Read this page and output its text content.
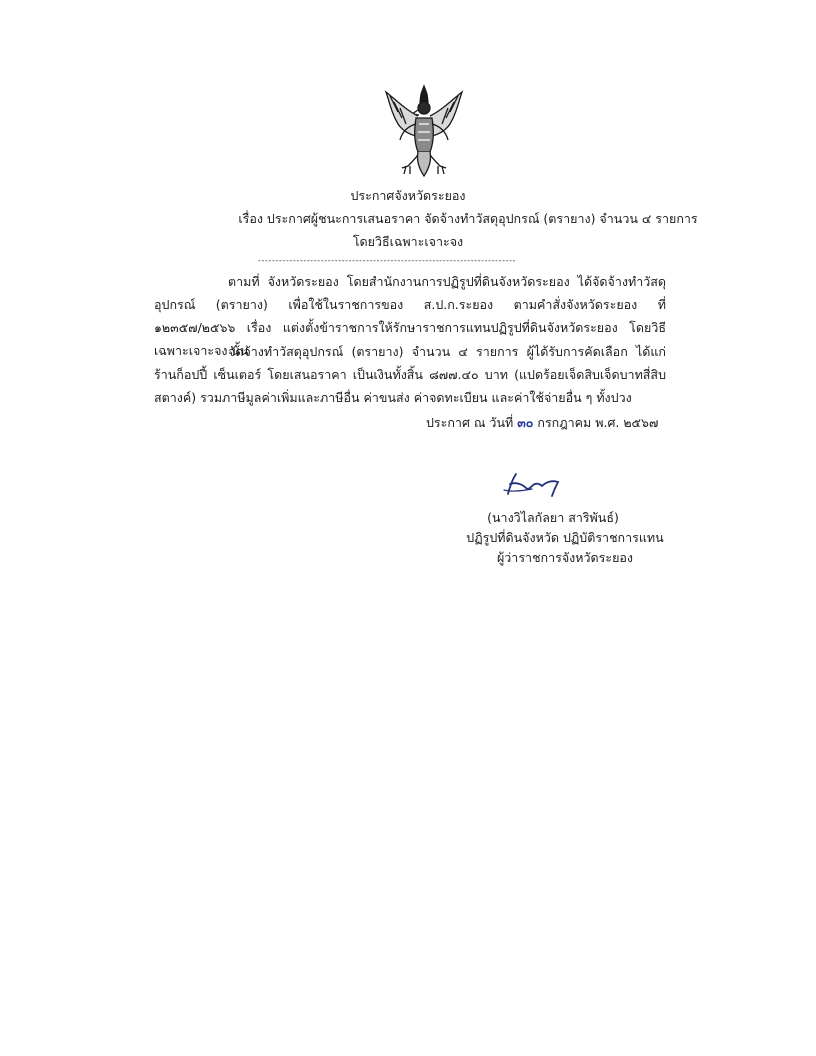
ประกาศจังหวัดระยอง
เรื่อง ประกาศผู้ชนะการเสนอราคา จัดจ้างทำวัสดุอุปกรณ์ (ตรายาง) จำนวน ๔ รายการ
โดยวิธีเฉพาะเจาะจง
--------------------------------------------------------------------------

ตามที่ จังหวัดระยอง โดยสำนักงานการปฏิรูปที่ดินจังหวัดระยอง ได้จัดจ้างทำวัสดุอุปกรณ์ (ตรายาง) เพื่อใช้ในราชการของ ส.ป.ก.ระยอง ตามคำสั่งจังหวัดระยอง ที่ ๑๒๓๕๗/๒๕๖๖ เรื่อง แต่งตั้งข้าราชการให้รักษาราชการแทนปฏิรูปที่ดินจังหวัดระยอง โดยวิธีเฉพาะเจาะจง นั้น

จัดจ้างทำวัสดุอุปกรณ์ (ตรายาง) จำนวน ๔ รายการ ผู้ได้รับการคัดเลือก ได้แก่ ร้านก็อปปี้ เซ็นเตอร์ โดยเสนอราคา เป็นเงินทั้งสิ้น ๘๗๗.๔๐ บาท (แปดร้อยเจ็ดสิบเจ็ดบาทสี่สิบสตางค์) รวมภาษีมูลค่าเพิ่มและภาษีอื่น ค่าขนส่ง ค่าจดทะเบียน และค่าใช้จ่ายอื่น ๆ ทั้งปวง

ประกาศ ณ วันที่ ๓๐ กรกฎาคม พ.ศ. ๒๕๖๗
(นางวิไลกัลยา สาริพันธ์)
ปฏิรูปที่ดินจังหวัด ปฏิบัติราชการแทน
ผู้ว่าราชการจังหวัดระยอง
